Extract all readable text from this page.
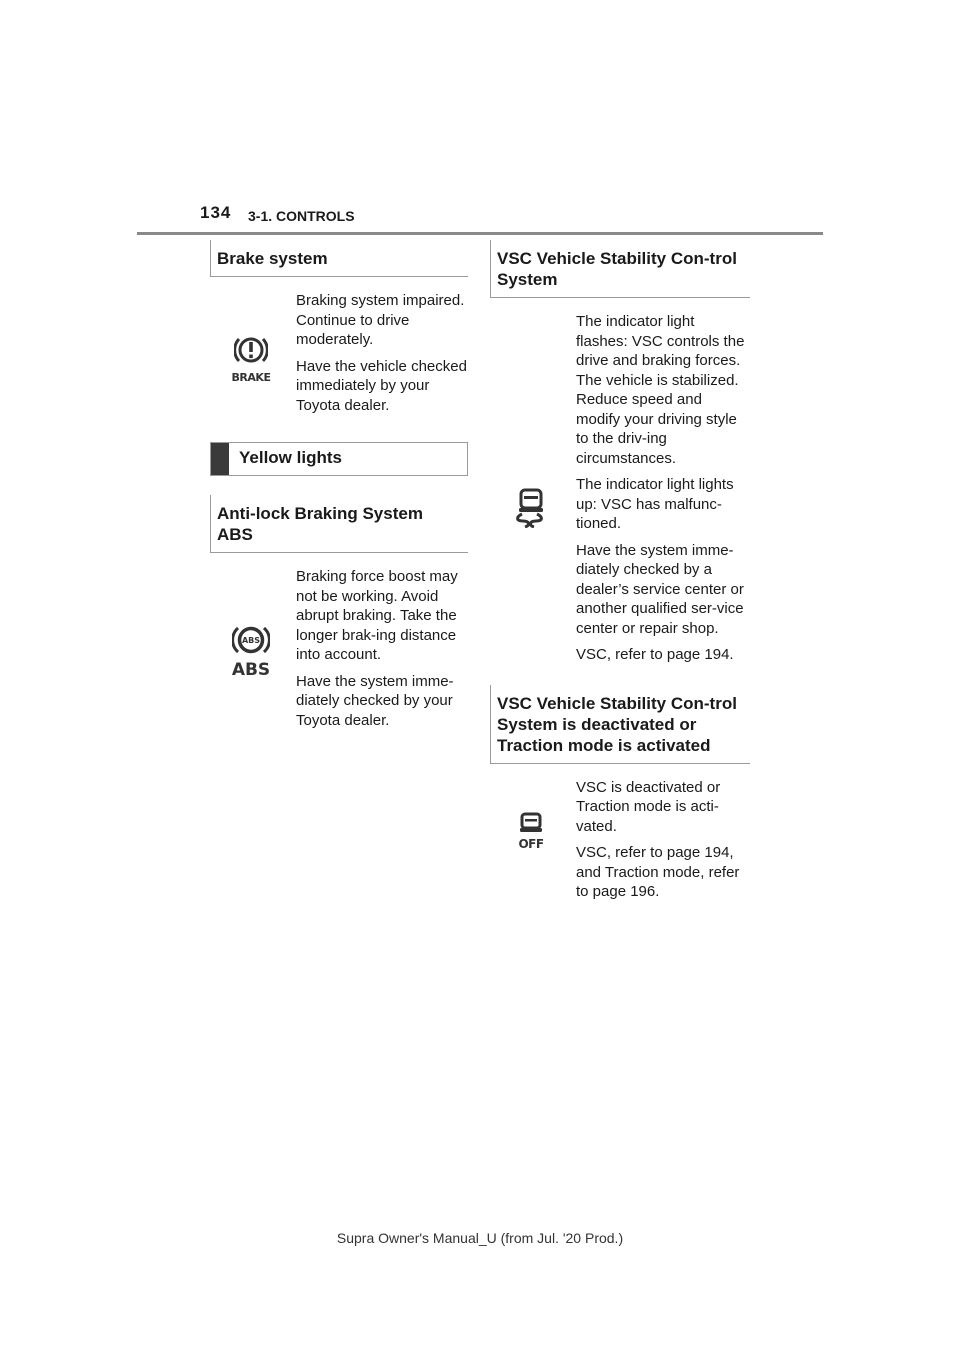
134 3-1. CONTROLS
Brake system
BRAKE

Braking system impaired. Continue to drive moderately.

Have the vehicle checked immediately by your Toyota dealer.

Yellow lights
Anti-lock Braking System ABS
ABS
ABS

Braking force boost may not be working. Avoid abrupt braking. Take the longer brak-ing distance into account.

Have the system imme-diately checked by your Toyota dealer.

VSC Vehicle Stability Con-trol System

The indicator light flashes: VSC controls the drive and braking forces. The vehicle is stabilized. Reduce speed and modify your driving style to the driv-ing circumstances.

The indicator light lights up: VSC has malfunc-tioned.

Have the system imme-diately checked by a dealer’s service center or another qualified ser-vice center or repair shop.

VSC, refer to page 194.

VSC Vehicle Stability Con-trol System is deactivated or Traction mode is activated
OFF

VSC is deactivated or Traction mode is acti-vated.

VSC, refer to page 194, and Traction mode, refer to page 196.

Supra Owner's Manual_U (from Jul. '20 Prod.)
